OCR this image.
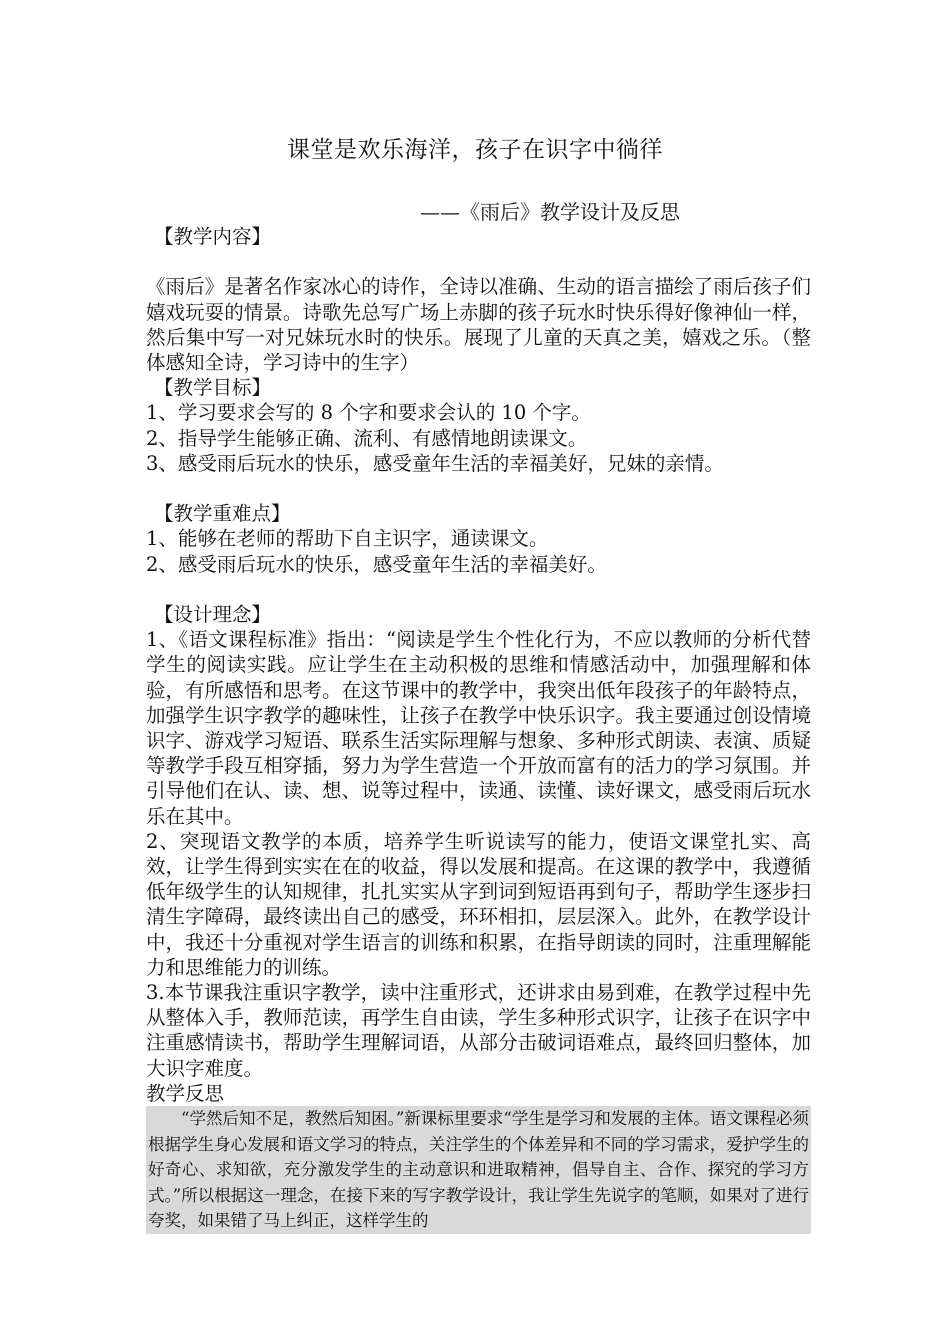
课堂是欢乐海洋，孩子在识字中徜徉
——《雨后》教学设计及反思

【教学内容】

《雨后》是著名作家冰心的诗作，全诗以准确、生动的语言描绘了雨后孩子们嬉戏玩耍的情景。诗歌先总写广场上赤脚的孩子玩水时快乐得好像神仙一样，然后集中写一对兄妹玩水时的快乐。展现了儿童的天真之美，嬉戏之乐。（整体感知全诗，学习诗中的生字）

【教学目标】

1、学习要求会写的 8 个字和要求会认的 10 个字。

2、指导学生能够正确、流利、有感情地朗读课文。

3、感受雨后玩水的快乐，感受童年生活的幸福美好，兄妹的亲情。

【教学重难点】

1、能够在老师的帮助下自主识字，通读课文。

2、感受雨后玩水的快乐，感受童年生活的幸福美好。

【设计理念】

1、《语文课程标准》指出：“阅读是学生个性化行为，不应以教师的分析代替学生的阅读实践。应让学生在主动积极的思维和情感活动中，加强理解和体验，有所感悟和思考。在这节课中的教学中，我突出低年段孩子的年龄特点，加强学生识字教学的趣味性，让孩子在教学中快乐识字。我主要通过创设情境识字、游戏学习短语、联系生活实际理解与想象、多种形式朗读、表演、质疑等教学手段互相穿插，努力为学生营造一个开放而富有的活力的学习氛围。并引导他们在认、读、想、说等过程中，读通、读懂、读好课文，感受雨后玩水乐在其中。

2、突现语文教学的本质，培养学生听说读写的能力，使语文课堂扎实、高效，让学生得到实实在在的收益，得以发展和提高。在这课的教学中，我遵循低年级学生的认知规律，扎扎实实从字到词到短语再到句子，帮助学生逐步扫清生字障碍，最终读出自己的感受，环环相扣，层层深入。此外，在教学设计中，我还十分重视对学生语言的训练和积累，在指导朗读的同时，注重理解能力和思维能力的训练。

3.本节课我注重识字教学，读中注重形式，还讲求由易到难，在教学过程中先从整体入手，教师范读，再学生自由读，学生多种形式识字，让孩子在识字中注重感情读书，帮助学生理解词语，从部分击破词语难点，最终回归整体，加大识字难度。

教学反思

“学然后知不足，教然后知困。”新课标里要求“学生是学习和发展的主体。语文课程必须根据学生身心发展和语文学习的特点，关注学生的个体差异和不同的学习需求，爱护学生的好奇心、求知欲，充分激发学生的主动意识和进取精神，倡导自主、合作、探究的学习方式。”所以根据这一理念，在接下来的写字教学设计，我让学生先说字的笔顺，如果对了进行夸奖，如果错了马上纠正，这样学生的
